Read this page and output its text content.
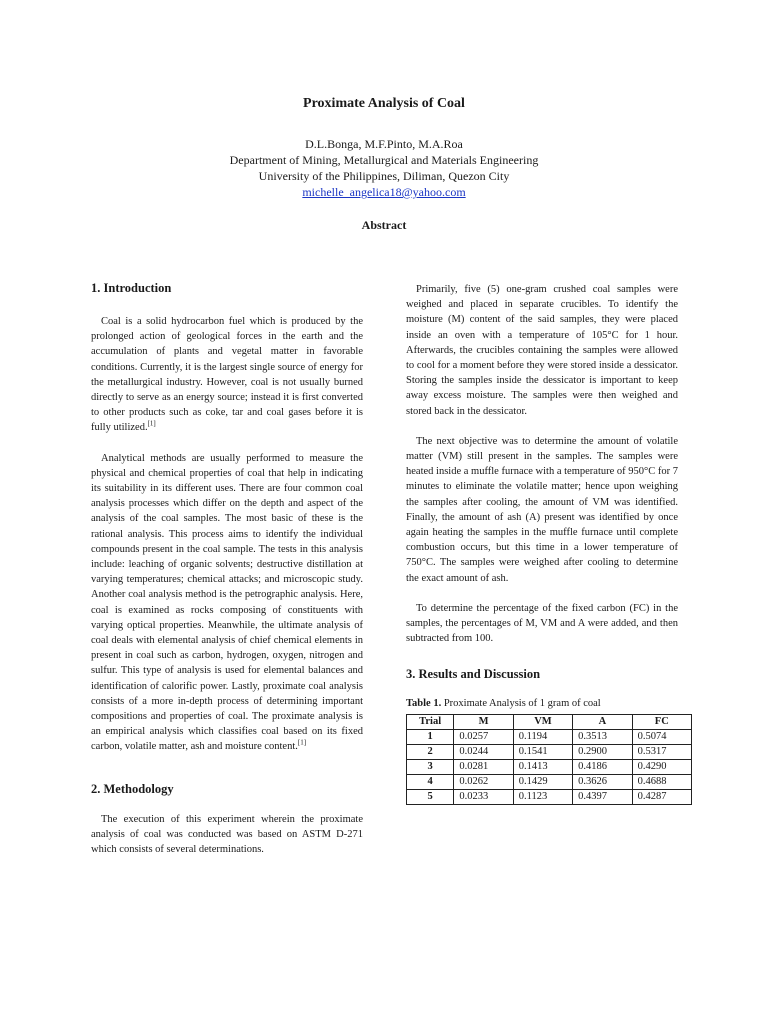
Proximate Analysis of Coal
D.L.Bonga, M.F.Pinto, M.A.Roa
Department of Mining, Metallurgical and Materials Engineering
University of the Philippines, Diliman, Quezon City
michelle_angelica18@yahoo.com
Abstract
1. Introduction

Coal is a solid hydrocarbon fuel which is produced by the prolonged action of geological forces in the earth and the accumulation of plants and vegetal matter in favorable conditions. Currently, it is the largest single source of energy for the metallurgical industry. However, coal is not usually burned directly to serve as an energy source; instead it is first converted to other products such as coke, tar and coal gases before it is fully utilized.[1]

Analytical methods are usually performed to measure the physical and chemical properties of coal that help in indicating its suitability in its different uses. There are four common coal analysis processes which differ on the depth and aspect of the analysis of the coal samples. The most basic of these is the rational analysis. This process aims to identify the individual compounds present in the coal sample. The tests in this analysis include: leaching of organic solvents; destructive distillation at varying temperatures; chemical attacks; and microscopic study. Another coal analysis method is the petrographic analysis. Here, coal is examined as rocks composing of constituents with varying optical properties. Meanwhile, the ultimate analysis of coal deals with elemental analysis of chief chemical elements in present in coal such as carbon, hydrogen, oxygen, nitrogen and sulfur. This type of analysis is used for elemental balances and identification of calorific power. Lastly, proximate coal analysis consists of a more in-depth process of determining important compositions and properties of coal. The proximate analysis is an empirical analysis which classifies coal based on its fixed carbon, volatile matter, ash and moisture content.[1]

2. Methodology

The execution of this experiment wherein the proximate analysis of coal was conducted was based on ASTM D-271 which consists of several determinations.

Primarily, five (5) one-gram crushed coal samples were weighed and placed in separate crucibles. To identify the moisture (M) content of the said samples, they were placed inside an oven with a temperature of 105°C for 1 hour. Afterwards, the crucibles containing the samples were allowed to cool for a moment before they were stored inside a dessicator. Storing the samples inside the dessicator is important to keep away excess moisture. The samples were then weighed and stored back in the dessicator.

The next objective was to determine the amount of volatile matter (VM) still present in the samples. The samples were heated inside a muffle furnace with a temperature of 950°C for 7 minutes to eliminate the volatile matter; hence upon weighing the samples after cooling, the amount of VM was identified. Finally, the amount of ash (A) present was identified by once again heating the samples in the muffle furnace until complete combustion occurs, but this time in a lower temperature of 750°C. The samples were weighed after cooling to determine the exact amount of ash.

To determine the percentage of the fixed carbon (FC) in the samples, the percentages of M, VM and A were added, and then subtracted from 100.

3. Results and Discussion
Table 1. Proximate Analysis of 1 gram of coal
Trial	M	VM	A	FC
1	0.0257	0.1194	0.3513	0.5074
2	0.0244	0.1541	0.2900	0.5317
3	0.0281	0.1413	0.4186	0.4290
4	0.0262	0.1429	0.3626	0.4688
5	0.0233	0.1123	0.4397	0.4287
